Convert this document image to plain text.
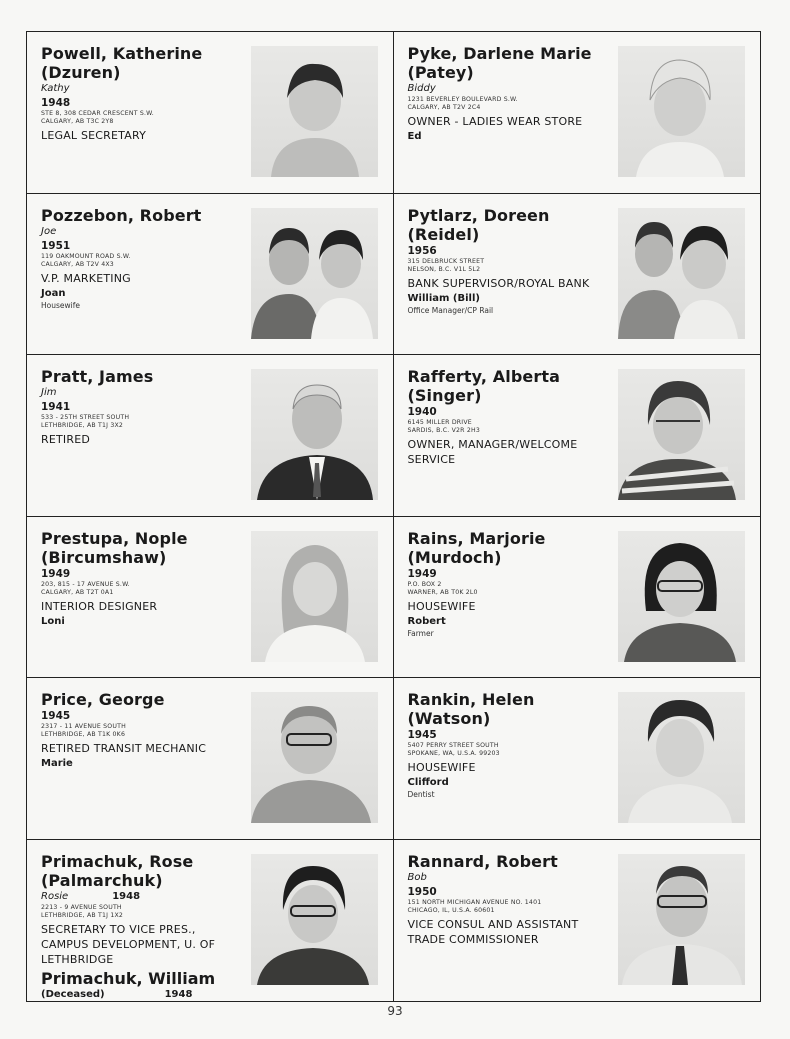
Powell, Katherine
(Dzuren)
Kathy
1948
STE 8, 308 CEDAR CRESCENT S.W.
CALGARY, AB T3C 2Y8
LEGAL SECRETARY
Pyke, Darlene Marie
(Patey)
Biddy
1231 BEVERLEY BOULEVARD S.W.
CALGARY, AB T2V 2C4
OWNER - LADIES WEAR STORE
Ed
Pozzebon, Robert
Joe
1951
119 OAKMOUNT ROAD S.W.
CALGARY, AB T2V 4X3
V.P. MARKETING
Joan
Housewife
Pytlarz, Doreen
(Reidel)
1956
315 DELBRUCK STREET
NELSON, B.C. V1L 5L2
BANK SUPERVISOR/ROYAL BANK
William (Bill)
Office Manager/CP Rail
Pratt, James
Jim
1941
533 - 25TH STREET SOUTH
LETHBRIDGE, AB T1J 3X2
RETIRED
Rafferty, Alberta
(Singer)
1940
6145 MILLER DRIVE
SARDIS, B.C. V2R 2H3
OWNER, MANAGER/WELCOME SERVICE
Prestupa, Nople
(Bircumshaw)
1949
203, 815 - 17 AVENUE S.W.
CALGARY, AB T2T 0A1
INTERIOR DESIGNER
Loni
Rains, Marjorie
(Murdoch)
1949
P.O. BOX 2
WARNER, AB T0K 2L0
HOUSEWIFE
Robert
Farmer
Price, George
1945
2317 - 11 AVENUE SOUTH
LETHBRIDGE, AB T1K 0K6
RETIRED TRANSIT MECHANIC
Marie
Rankin, Helen
(Watson)
1945
5407 PERRY STREET SOUTH
SPOKANE, WA, U.S.A. 99203
HOUSEWIFE
Clifford
Dentist
Primachuk, Rose
(Palmarchuk)
Rosie	1948
2213 - 9 AVENUE SOUTH
LETHBRIDGE, AB T1J 1X2
SECRETARY TO VICE PRES., CAMPUS DEVELOPMENT, U. OF LETHBRIDGE
Primachuk, William
(Deceased)	1948
Rannard, Robert
Bob
1950
151 NORTH MICHIGAN AVENUE NO. 1401
CHICAGO, IL, U.S.A. 60601
VICE CONSUL AND ASSISTANT TRADE COMMISSIONER
93
